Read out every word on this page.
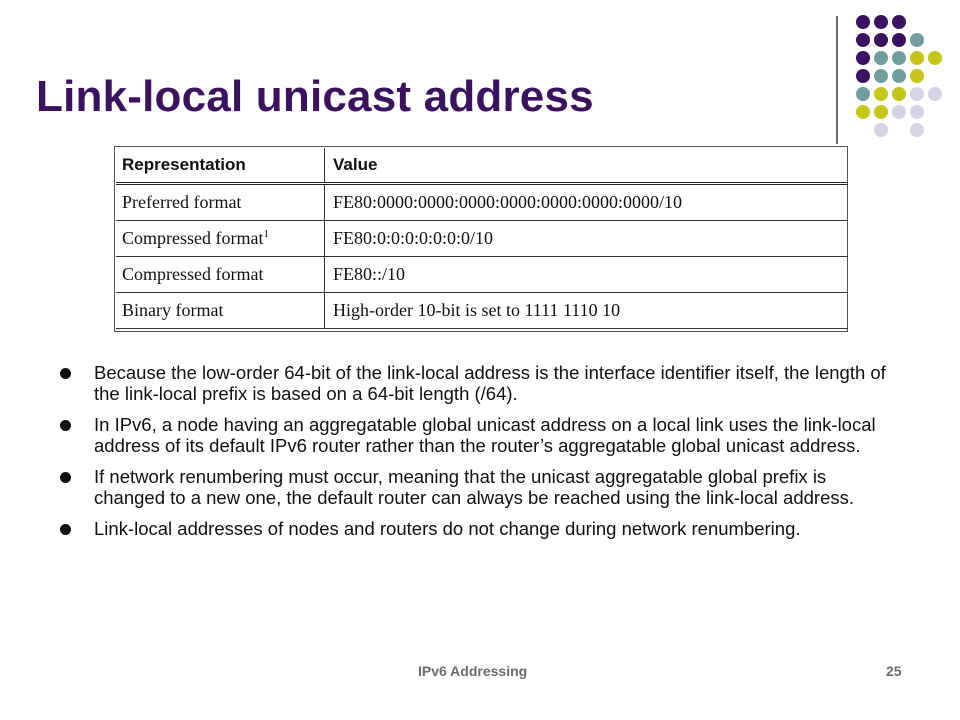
Link-local unicast address
Representation	Value
Preferred format	FE80:0000:0000:0000:0000:0000:0000:0000/10
Compressed format$^1$	FE80:0:0:0:0:0:0:0/10
Compressed format	FE80::/10
Binary format	High-order 10-bit is set to 1111 1110 10
Because the low-order 64-bit of the link-local address is the interface identifier itself, the length of the link-local prefix is based on a 64-bit length (/64).
In IPv6, a node having an aggregatable global unicast address on a local link uses the link-local address of its default IPv6 router rather than the router’s aggregatable global unicast address.
If network renumbering must occur, meaning that the unicast aggregatable global prefix is changed to a new one, the default router can always be reached using the link-local address.
Link-local addresses of nodes and routers do not change during network renumbering.
IPv6 Addressing	25
